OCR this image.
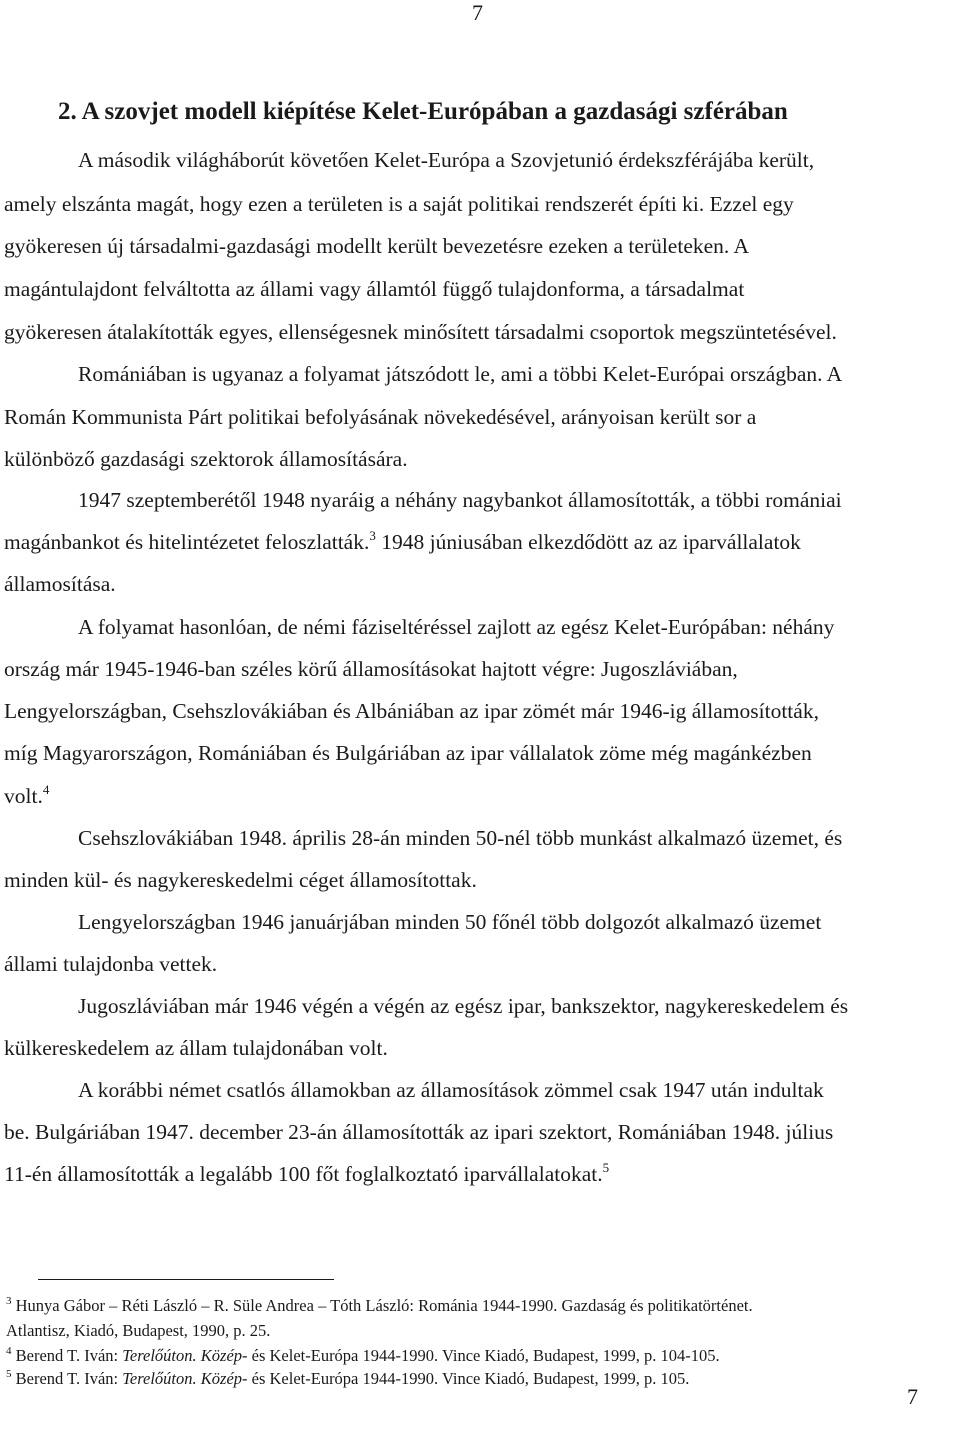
7
2. A szovjet modell kiépítése Kelet-Európában a gazdasági szférában
A második világháborút követően Kelet-Európa a Szovjetunió érdekszférájába került,
amely elszánta magát, hogy ezen a területen is a saját politikai rendszerét építi ki. Ezzel egy
gyökeresen új társadalmi-gazdasági modellt került bevezetésre ezeken a területeken. A
magántulajdont felváltotta az állami vagy államtól függő tulajdonforma, a társadalmat
gyökeresen átalakították egyes, ellenségesnek minősített társadalmi csoportok megszüntetésével.
Romániában is ugyanaz a folyamat játszódott le, ami a többi Kelet-Európai országban. A
Román Kommunista Párt politikai befolyásának növekedésével, arányoisan került sor a
különböző gazdasági szektorok államosítására.
1947 szeptemberétől 1948 nyaráig a néhány nagybankot államosították, a többi romániai
magánbankot és hitelintézetet feloszlatták.$^3$ 1948 júniusában elkezdődött az az iparvállalatok
államosítása.
A folyamat hasonlóan, de némi fáziseltéréssel zajlott az egész Kelet-Európában: néhány
ország már 1945-1946-ban széles körű államosításokat hajtott végre: Jugoszláviában,
Lengyelországban, Csehszlovákiában és Albániában az ipar zömét már 1946-ig államosították,
míg Magyarországon, Romániában és Bulgáriában az ipar vállalatok zöme még magánkézben
volt.$^4$
Csehszlovákiában 1948. április 28-án minden 50-nél több munkást alkalmazó üzemet, és
minden kül- és nagykereskedelmi céget államosítottak.
Lengyelországban 1946 januárjában minden 50 főnél több dolgozót alkalmazó üzemet
állami tulajdonba vettek.
Jugoszláviában már 1946 végén a végén az egész ipar, bankszektor, nagykereskedelem és
külkereskedelem az állam tulajdonában volt.
A korábbi német csatlós államokban az államosítások zömmel csak 1947 után indultak
be. Bulgáriában 1947. december 23-án államosították az ipari szektort, Romániában 1948. július
11-én államosították a legalább 100 főt foglalkoztató iparvállalatokat.$^5$
$^3$ Hunya Gábor – Réti László – R. Süle Andrea – Tóth László: Románia 1944-1990. Gazdaság és politikatörténet.
Atlantisz, Kiadó, Budapest, 1990, p. 25.
$^4$ Berend T. Iván: Terelőúton. Közép- és Kelet-Európa 1944-1990. Vince Kiadó, Budapest, 1999, p. 104-105.
$^5$ Berend T. Iván: Terelőúton. Közép- és Kelet-Európa 1944-1990. Vince Kiadó, Budapest, 1999, p. 105.
7
